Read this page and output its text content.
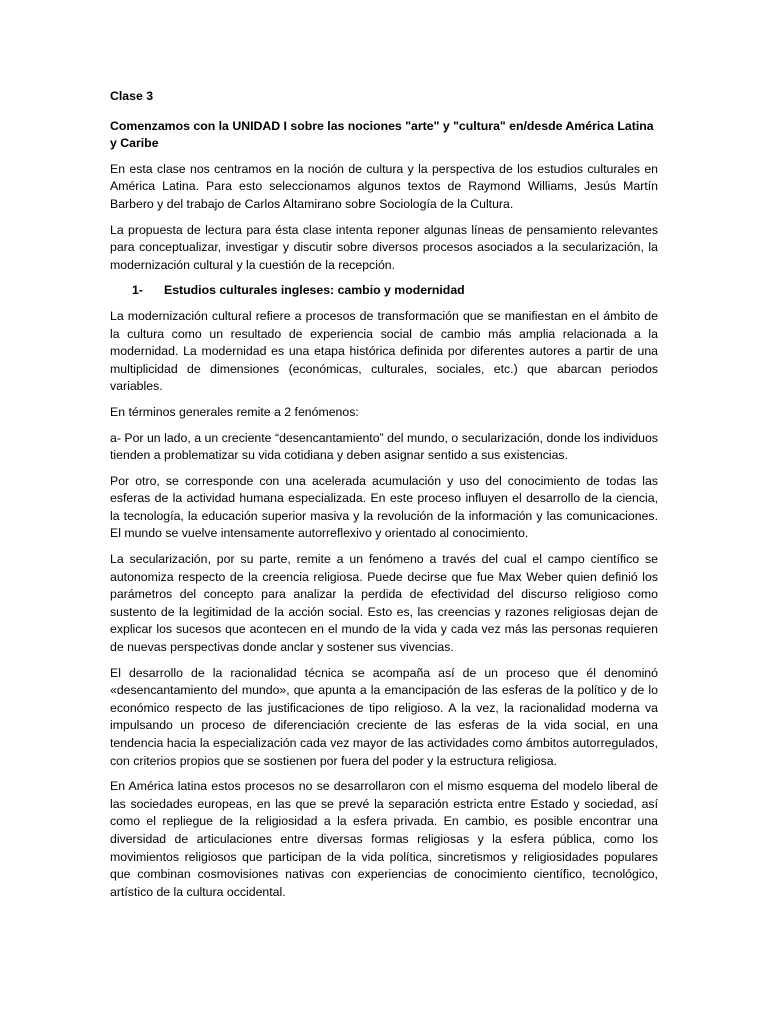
Clase 3

Comenzamos con la UNIDAD I sobre las nociones "arte" y "cultura" en/desde América Latina y Caribe

En esta clase nos centramos en la noción de cultura y la perspectiva de los estudios culturales en América Latina. Para esto seleccionamos algunos textos de Raymond Williams, Jesús Martín Barbero y del trabajo de Carlos Altamirano sobre Sociología de la Cultura.

La propuesta de lectura para ésta clase intenta reponer algunas líneas de pensamiento relevantes para conceptualizar, investigar y discutir sobre diversos procesos asociados a la secularización, la modernización cultural y la cuestión de la recepción.

1-	Estudios culturales ingleses: cambio y modernidad

La modernización cultural refiere a procesos de transformación que se manifiestan en el ámbito de la cultura como un resultado de experiencia social de cambio más amplia relacionada a la modernidad. La modernidad es una etapa histórica definida por diferentes autores a partir de una multiplicidad de dimensiones (económicas, culturales, sociales, etc.) que abarcan periodos variables.

En términos generales remite a 2 fenómenos:

a- Por un lado, a un creciente “desencantamiento” del mundo, o secularización, donde los individuos tienden a problematizar su vida cotidiana y deben asignar sentido a sus existencias.

Por otro, se corresponde con una acelerada acumulación y uso del conocimiento de todas las esferas de la actividad humana especializada. En este proceso influyen el desarrollo de la ciencia, la tecnología, la educación superior masiva y la revolución de la información y las comunicaciones. El mundo se vuelve intensamente autorreflexivo y orientado al conocimiento.

La secularización, por su parte, remite a un fenómeno a través del cual el campo científico se autonomiza respecto de la creencia religiosa. Puede decirse que fue Max Weber quien definió los parámetros del concepto para analizar la perdida de efectividad del discurso religioso como sustento de la legitimidad de la acción social. Esto es, las creencias y razones religiosas dejan de explicar los sucesos que acontecen en el mundo de la vida y cada vez más las personas requieren de nuevas perspectivas donde anclar y sostener sus vivencias.

El desarrollo de la racionalidad técnica se acompaña así de un proceso que él denominó «desencantamiento del mundo», que apunta a la emancipación de las esferas de la político y de lo económico respecto de las justificaciones de tipo religioso. A la vez, la racionalidad moderna va impulsando un proceso de diferenciación creciente de las esferas de la vida social, en una tendencia hacia la especialización cada vez mayor de las actividades como ámbitos autorregulados, con criterios propios que se sostienen por fuera del poder y la estructura religiosa.

En América latina estos procesos no se desarrollaron con el mismo esquema del modelo liberal de las sociedades europeas, en las que se prevé la separación estricta entre Estado y sociedad, así como el repliegue de la religiosidad a la esfera privada. En cambio, es posible encontrar una diversidad de articulaciones entre diversas formas religiosas y la esfera pública, como los movimientos religiosos que participan de la vida política, sincretismos y religiosidades populares que combinan cosmovisiones nativas con experiencias de conocimiento científico, tecnológico, artístico de la cultura occidental.
